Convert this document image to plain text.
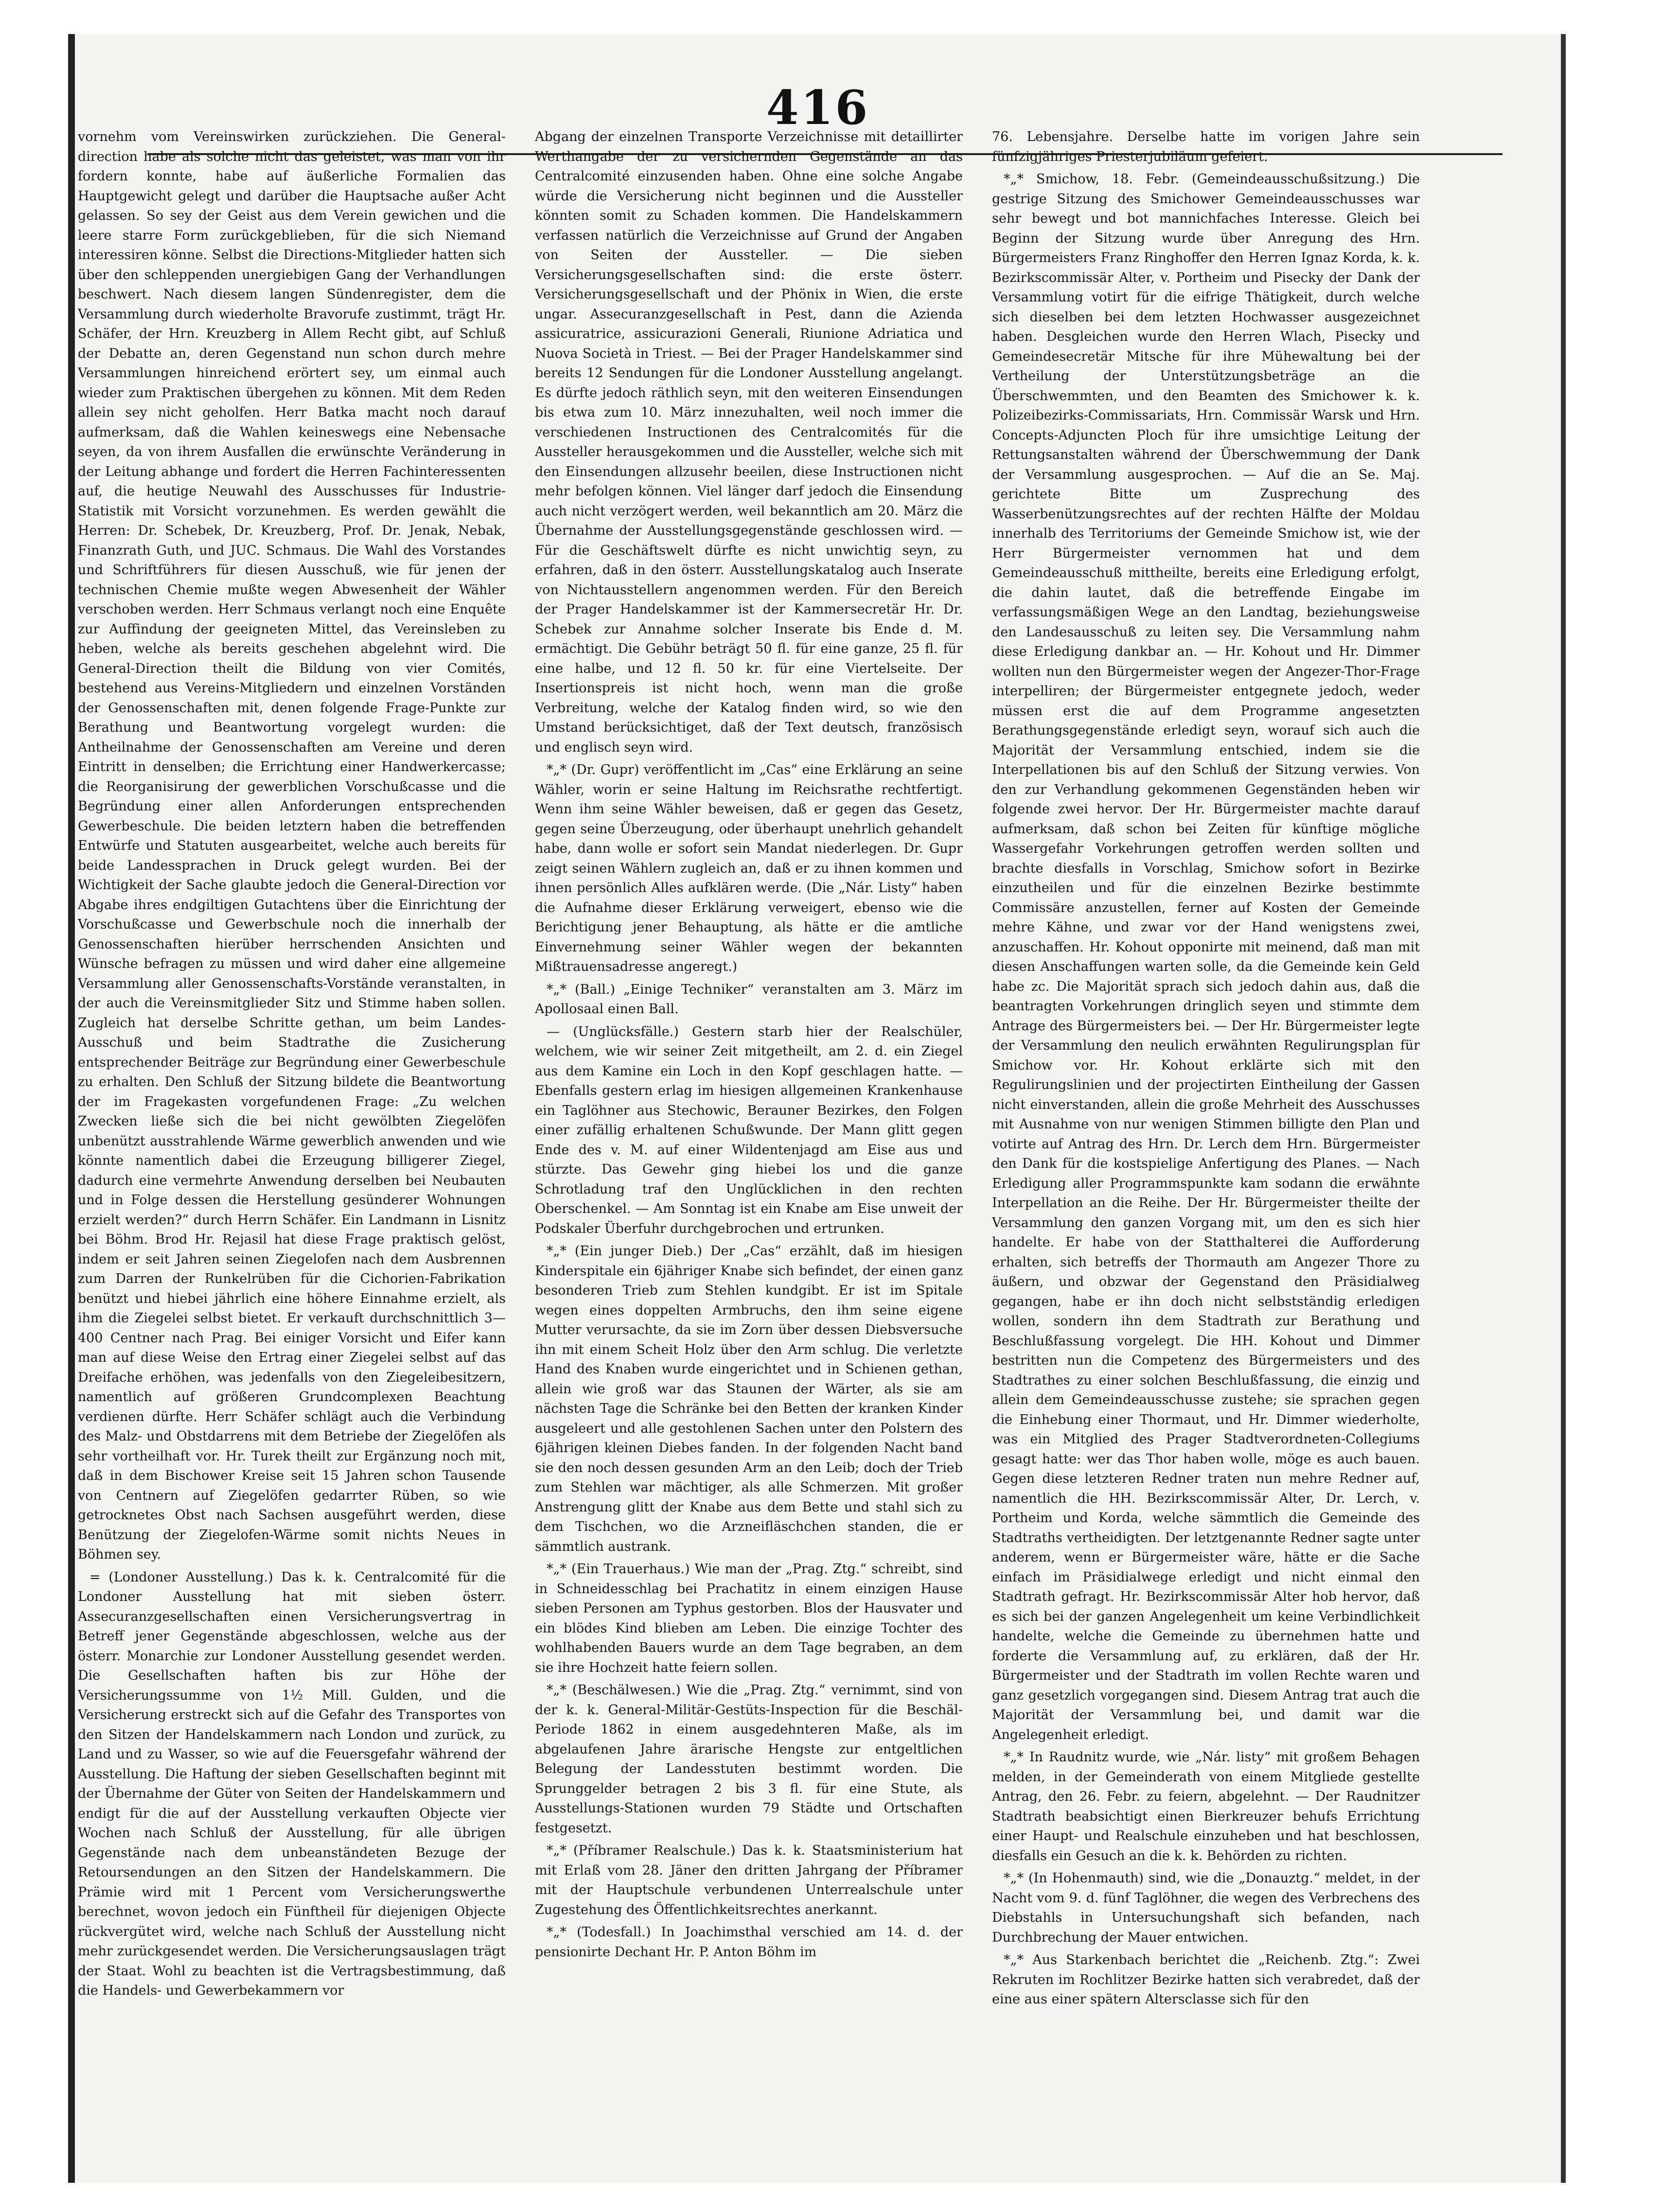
416

vornehm vom Vereinswirken zurückziehen. Die General-direction habe als solche nicht das geleistet, was man von ihr fordern konnte, habe auf äußerliche Formalien das Hauptgewicht gelegt und darüber die Hauptsache außer Acht gelassen. So sey der Geist aus dem Verein gewichen und die leere starre Form zurückgeblieben, für die sich Niemand interessiren könne. Selbst die Directions-Mitglieder hatten sich über den schleppenden unergiebigen Gang der Verhandlungen beschwert. Nach diesem langen Sündenregister, dem die Versammlung durch wiederholte Bravorufe zustimmt, trägt Hr. Schäfer, der Hrn. Kreuzberg in Allem Recht gibt, auf Schluß der Debatte an, deren Gegenstand nun schon durch mehre Versammlungen hinreichend erörtert sey, um einmal auch wieder zum Praktischen übergehen zu können. Mit dem Reden allein sey nicht geholfen. Herr Batka macht noch darauf aufmerksam, daß die Wahlen keineswegs eine Nebensache seyen, da von ihrem Ausfallen die erwünschte Veränderung in der Leitung abhange und fordert die Herren Fachinteressenten auf, die heutige Neuwahl des Ausschusses für Industrie-Statistik mit Vorsicht vorzunehmen. Es werden gewählt die Herren: Dr. Schebek, Dr. Kreuzberg, Prof. Dr. Jenak, Nebak, Finanzrath Guth, und JUC. Schmaus. Die Wahl des Vorstandes und Schriftführers für diesen Ausschuß, wie für jenen der technischen Chemie mußte wegen Abwesenheit der Wähler verschoben werden. Herr Schmaus verlangt noch eine Enquête zur Auffindung der geeigneten Mittel, das Vereinsleben zu heben, welche als bereits geschehen abgelehnt wird. Die General-Direction theilt die Bildung von vier Comités, bestehend aus Vereins-Mitgliedern und einzelnen Vorständen der Genossenschaften mit, denen folgende Frage-Punkte zur Berathung und Beantwortung vorgelegt wurden: die Antheilnahme der Genossenschaften am Vereine und deren Eintritt in denselben; die Errichtung einer Handwerkercasse; die Reorganisirung der gewerblichen Vorschußcasse und die Begründung einer allen Anforderungen entsprechenden Gewerbeschule. Die beiden letztern haben die betreffenden Entwürfe und Statuten ausgearbeitet, welche auch bereits für beide Landessprachen in Druck gelegt wurden. Bei der Wichtigkeit der Sache glaubte jedoch die General-Direction vor Abgabe ihres endgiltigen Gutachtens über die Einrichtung der Vorschußcasse und Gewerbschule noch die innerhalb der Genossenschaften hierüber herrschenden Ansichten und Wünsche befragen zu müssen und wird daher eine allgemeine Versammlung aller Genossenschafts-Vorstände veranstalten, in der auch die Vereinsmitglieder Sitz und Stimme haben sollen. Zugleich hat derselbe Schritte gethan, um beim Landes-Ausschuß und beim Stadtrathe die Zusicherung entsprechender Beiträge zur Begründung einer Gewerbeschule zu erhalten. Den Schluß der Sitzung bildete die Beantwortung der im Fragekasten vorgefundenen Frage: „Zu welchen Zwecken ließe sich die bei nicht gewölbten Ziegelöfen unbenützt ausstrahlende Wärme gewerblich anwenden und wie könnte namentlich dabei die Erzeugung billigerer Ziegel, dadurch eine vermehrte Anwendung derselben bei Neubauten und in Folge dessen die Herstellung gesünderer Wohnungen erzielt werden?“ durch Herrn Schäfer. Ein Landmann in Lisnitz bei Böhm. Brod Hr. Rejasil hat diese Frage praktisch gelöst, indem er seit Jahren seinen Ziegelofen nach dem Ausbrennen zum Darren der Runkelrüben für die Cichorien-Fabrikation benützt und hiebei jährlich eine höhere Einnahme erzielt, als ihm die Ziegelei selbst bietet. Er verkauft durchschnittlich 3—400 Centner nach Prag. Bei einiger Vorsicht und Eifer kann man auf diese Weise den Ertrag einer Ziegelei selbst auf das Dreifache erhöhen, was jedenfalls von den Ziegeleibesitzern, namentlich auf größeren Grundcomplexen Beachtung verdienen dürfte. Herr Schäfer schlägt auch die Verbindung des Malz- und Obstdarrens mit dem Betriebe der Ziegelöfen als sehr vortheilhaft vor. Hr. Turek theilt zur Ergänzung noch mit, daß in dem Bischower Kreise seit 15 Jahren schon Tausende von Centnern auf Ziegelöfen gedarrter Rüben, so wie getrocknetes Obst nach Sachsen ausgeführt werden, diese Benützung der Ziegelofen-Wärme somit nichts Neues in Böhmen sey.

= (Londoner Ausstellung.) Das k. k. Centralcomité für die Londoner Ausstellung hat mit sieben österr. Assecuranzgesellschaften einen Versicherungsvertrag in Betreff jener Gegenstände abgeschlossen, welche aus der österr. Monarchie zur Londoner Ausstellung gesendet werden. Die Gesellschaften haften bis zur Höhe der Versicherungssumme von 1½ Mill. Gulden, und die Versicherung erstreckt sich auf die Gefahr des Transportes von den Sitzen der Handelskammern nach London und zurück, zu Land und zu Wasser, so wie auf die Feuersgefahr während der Ausstellung. Die Haftung der sieben Gesellschaften beginnt mit der Übernahme der Güter von Seiten der Handelskammern und endigt für die auf der Ausstellung verkauften Objecte vier Wochen nach Schluß der Ausstellung, für alle übrigen Gegenstände nach dem unbeanständeten Bezuge der Retoursendungen an den Sitzen der Handelskammern. Die Prämie wird mit 1 Percent vom Versicherungswerthe berechnet, wovon jedoch ein Fünftheil für diejenigen Objecte rückvergütet wird, welche nach Schluß der Ausstellung nicht mehr zurückgesendet werden. Die Versicherungsauslagen trägt der Staat. Wohl zu beachten ist die Vertragsbestimmung, daß die Handels- und Gewerbekammern vor

Abgang der einzelnen Transporte Verzeichnisse mit detaillirter Werthangabe der zu versichernden Gegenstände an das Centralcomité einzusenden haben. Ohne eine solche Angabe würde die Versicherung nicht beginnen und die Aussteller könnten somit zu Schaden kommen. Die Handelskammern verfassen natürlich die Verzeichnisse auf Grund der Angaben von Seiten der Aussteller. — Die sieben Versicherungsgesellschaften sind: die erste österr. Versicherungsgesellschaft und der Phönix in Wien, die erste ungar. Assecuranzgesellschaft in Pest, dann die Azienda assicuratrice, assicurazioni Generali, Riunione Adriatica und Nuova Società in Triest. — Bei der Prager Handelskammer sind bereits 12 Sendungen für die Londoner Ausstellung angelangt. Es dürfte jedoch räthlich seyn, mit den weiteren Einsendungen bis etwa zum 10. März innezuhalten, weil noch immer die verschiedenen Instructionen des Centralcomités für die Aussteller herausgekommen und die Aussteller, welche sich mit den Einsendungen allzusehr beeilen, diese Instructionen nicht mehr befolgen können. Viel länger darf jedoch die Einsendung auch nicht verzögert werden, weil bekanntlich am 20. März die Übernahme der Ausstellungsgegenstände geschlossen wird. — Für die Geschäftswelt dürfte es nicht unwichtig seyn, zu erfahren, daß in den österr. Ausstellungskatalog auch Inserate von Nichtausstellern angenommen werden. Für den Bereich der Prager Handelskammer ist der Kammersecretär Hr. Dr. Schebek zur Annahme solcher Inserate bis Ende d. M. ermächtigt. Die Gebühr beträgt 50 fl. für eine ganze, 25 fl. für eine halbe, und 12 fl. 50 kr. für eine Viertelseite. Der Insertionspreis ist nicht hoch, wenn man die große Verbreitung, welche der Katalog finden wird, so wie den Umstand berücksichtiget, daß der Text deutsch, französisch und englisch seyn wird.

*„* (Dr. Gupr) veröffentlicht im „Cas“ eine Erklärung an seine Wähler, worin er seine Haltung im Reichsrathe rechtfertigt. Wenn ihm seine Wähler beweisen, daß er gegen das Gesetz, gegen seine Überzeugung, oder überhaupt unehrlich gehandelt habe, dann wolle er sofort sein Mandat niederlegen. Dr. Gupr zeigt seinen Wählern zugleich an, daß er zu ihnen kommen und ihnen persönlich Alles aufklären werde. (Die „Nár. Listy“ haben die Aufnahme dieser Erklärung verweigert, ebenso wie die Berichtigung jener Behauptung, als hätte er die amtliche Einvernehmung seiner Wähler wegen der bekannten Mißtrauensadresse angeregt.)

*„* (Ball.) „Einige Techniker“ veranstalten am 3. März im Apollosaal einen Ball.

— (Unglücksfälle.) Gestern starb hier der Realschüler, welchem, wie wir seiner Zeit mitgetheilt, am 2. d. ein Ziegel aus dem Kamine ein Loch in den Kopf geschlagen hatte. — Ebenfalls gestern erlag im hiesigen allgemeinen Krankenhause ein Taglöhner aus Stechowic, Berauner Bezirkes, den Folgen einer zufällig erhaltenen Schußwunde. Der Mann glitt gegen Ende des v. M. auf einer Wildentenjagd am Eise aus und stürzte. Das Gewehr ging hiebei los und die ganze Schrotladung traf den Unglücklichen in den rechten Oberschenkel. — Am Sonntag ist ein Knabe am Eise unweit der Podskaler Überfuhr durchgebrochen und ertrunken.

*„* (Ein junger Dieb.) Der „Cas“ erzählt, daß im hiesigen Kinderspitale ein 6jähriger Knabe sich befindet, der einen ganz besonderen Trieb zum Stehlen kundgibt. Er ist im Spitale wegen eines doppelten Armbruchs, den ihm seine eigene Mutter verursachte, da sie im Zorn über dessen Diebsversuche ihn mit einem Scheit Holz über den Arm schlug. Die verletzte Hand des Knaben wurde eingerichtet und in Schienen gethan, allein wie groß war das Staunen der Wärter, als sie am nächsten Tage die Schränke bei den Betten der kranken Kinder ausgeleert und alle gestohlenen Sachen unter den Polstern des 6jährigen kleinen Diebes fanden. In der folgenden Nacht band sie den noch dessen gesunden Arm an den Leib; doch der Trieb zum Stehlen war mächtiger, als alle Schmerzen. Mit großer Anstrengung glitt der Knabe aus dem Bette und stahl sich zu dem Tischchen, wo die Arzneifläschchen standen, die er sämmtlich austrank.

*„* (Ein Trauerhaus.) Wie man der „Prag. Ztg.“ schreibt, sind in Schneidesschlag bei Prachatitz in einem einzigen Hause sieben Personen am Typhus gestorben. Blos der Hausvater und ein blödes Kind blieben am Leben. Die einzige Tochter des wohlhabenden Bauers wurde an dem Tage begraben, an dem sie ihre Hochzeit hatte feiern sollen.

*„* (Beschälwesen.) Wie die „Prag. Ztg.“ vernimmt, sind von der k. k. General-Militär-Gestüts-Inspection für die Beschäl-Periode 1862 in einem ausgedehnteren Maße, als im abgelaufenen Jahre ärarische Hengste zur entgeltlichen Belegung der Landesstuten bestimmt worden. Die Sprunggelder betragen 2 bis 3 fl. für eine Stute, als Ausstellungs-Stationen wurden 79 Städte und Ortschaften festgesetzt.

*„* (Příbramer Realschule.) Das k. k. Staatsministerium hat mit Erlaß vom 28. Jäner den dritten Jahrgang der Příbramer mit der Hauptschule verbundenen Unterrealschule unter Zugestehung des Öffentlichkeitsrechtes anerkannt.

*„* (Todesfall.) In Joachimsthal verschied am 14. d. der pensionirte Dechant Hr. P. Anton Böhm im

76. Lebensjahre. Derselbe hatte im vorigen Jahre sein fünfzigjähriges Priesterjubiläum gefeiert.

*„* Smichow, 18. Febr. (Gemeindeausschußsitzung.) Die gestrige Sitzung des Smichower Gemeindeausschusses war sehr bewegt und bot mannichfaches Interesse. Gleich bei Beginn der Sitzung wurde über Anregung des Hrn. Bürgermeisters Franz Ringhoffer den Herren Ignaz Korda, k. k. Bezirkscommissär Alter, v. Portheim und Pisecky der Dank der Versammlung votirt für die eifrige Thätigkeit, durch welche sich dieselben bei dem letzten Hochwasser ausgezeichnet haben. Desgleichen wurde den Herren Wlach, Pisecky und Gemeindesecretär Mitsche für ihre Mühewaltung bei der Vertheilung der Unterstützungsbeträge an die Überschwemmten, und den Beamten des Smichower k. k. Polizeibezirks-Commissariats, Hrn. Commissär Warsk und Hrn. Concepts-Adjuncten Ploch für ihre umsichtige Leitung der Rettungsanstalten während der Überschwemmung der Dank der Versammlung ausgesprochen. — Auf die an Se. Maj. gerichtete Bitte um Zusprechung des Wasserbenützungsrechtes auf der rechten Hälfte der Moldau innerhalb des Territoriums der Gemeinde Smichow ist, wie der Herr Bürgermeister vernommen hat und dem Gemeindeausschuß mittheilte, bereits eine Erledigung erfolgt, die dahin lautet, daß die betreffende Eingabe im verfassungsmäßigen Wege an den Landtag, beziehungsweise den Landesausschuß zu leiten sey. Die Versammlung nahm diese Erledigung dankbar an. — Hr. Kohout und Hr. Dimmer wollten nun den Bürgermeister wegen der Angezer-Thor-Frage interpelliren; der Bürgermeister entgegnete jedoch, weder müssen erst die auf dem Programme angesetzten Berathungsgegenstände erledigt seyn, worauf sich auch die Majorität der Versammlung entschied, indem sie die Interpellationen bis auf den Schluß der Sitzung verwies. Von den zur Verhandlung gekommenen Gegenständen heben wir folgende zwei hervor. Der Hr. Bürgermeister machte darauf aufmerksam, daß schon bei Zeiten für künftige mögliche Wassergefahr Vorkehrungen getroffen werden sollten und brachte diesfalls in Vorschlag, Smichow sofort in Bezirke einzutheilen und für die einzelnen Bezirke bestimmte Commissäre anzustellen, ferner auf Kosten der Gemeinde mehre Kähne, und zwar vor der Hand wenigstens zwei, anzuschaffen. Hr. Kohout opponirte mit meinend, daß man mit diesen Anschaffungen warten solle, da die Gemeinde kein Geld habe zc. Die Majorität sprach sich jedoch dahin aus, daß die beantragten Vorkehrungen dringlich seyen und stimmte dem Antrage des Bürgermeisters bei. — Der Hr. Bürgermeister legte der Versammlung den neulich erwähnten Regulirungsplan für Smichow vor. Hr. Kohout erklärte sich mit den Regulirungslinien und der projectirten Eintheilung der Gassen nicht einverstanden, allein die große Mehrheit des Ausschusses mit Ausnahme von nur wenigen Stimmen billigte den Plan und votirte auf Antrag des Hrn. Dr. Lerch dem Hrn. Bürgermeister den Dank für die kostspielige Anfertigung des Planes. — Nach Erledigung aller Programmspunkte kam sodann die erwähnte Interpellation an die Reihe. Der Hr. Bürgermeister theilte der Versammlung den ganzen Vorgang mit, um den es sich hier handelte. Er habe von der Statthalterei die Aufforderung erhalten, sich betreffs der Thormauth am Angezer Thore zu äußern, und obzwar der Gegenstand den Präsidialweg gegangen, habe er ihn doch nicht selbstständig erledigen wollen, sondern ihn dem Stadtrath zur Berathung und Beschlußfassung vorgelegt. Die HH. Kohout und Dimmer bestritten nun die Competenz des Bürgermeisters und des Stadtrathes zu einer solchen Beschlußfassung, die einzig und allein dem Gemeindeausschusse zustehe; sie sprachen gegen die Einhebung einer Thormaut, und Hr. Dimmer wiederholte, was ein Mitglied des Prager Stadtverordneten-Collegiums gesagt hatte: wer das Thor haben wolle, möge es auch bauen. Gegen diese letzteren Redner traten nun mehre Redner auf, namentlich die HH. Bezirkscommissär Alter, Dr. Lerch, v. Portheim und Korda, welche sämmtlich die Gemeinde des Stadtraths vertheidigten. Der letztgenannte Redner sagte unter anderem, wenn er Bürgermeister wäre, hätte er die Sache einfach im Präsidialwege erledigt und nicht einmal den Stadtrath gefragt. Hr. Bezirkscommissär Alter hob hervor, daß es sich bei der ganzen Angelegenheit um keine Verbindlichkeit handelte, welche die Gemeinde zu übernehmen hatte und forderte die Versammlung auf, zu erklären, daß der Hr. Bürgermeister und der Stadtrath im vollen Rechte waren und ganz gesetzlich vorgegangen sind. Diesem Antrag trat auch die Majorität der Versammlung bei, und damit war die Angelegenheit erledigt.

*„* In Raudnitz wurde, wie „Nár. listy“ mit großem Behagen melden, in der Gemeinderath von einem Mitgliede gestellte Antrag, den 26. Febr. zu feiern, abgelehnt. — Der Raudnitzer Stadtrath beabsichtigt einen Bierkreuzer behufs Errichtung einer Haupt- und Realschule einzuheben und hat beschlossen, diesfalls ein Gesuch an die k. k. Behörden zu richten.

*„* (In Hohenmauth) sind, wie die „Donauztg.“ meldet, in der Nacht vom 9. d. fünf Taglöhner, die wegen des Verbrechens des Diebstahls in Untersuchungshaft sich befanden, nach Durchbrechung der Mauer entwichen.

*„* Aus Starkenbach berichtet die „Reichenb. Ztg.“: Zwei Rekruten im Rochlitzer Bezirke hatten sich verabredet, daß der eine aus einer spätern Altersclasse sich für den
